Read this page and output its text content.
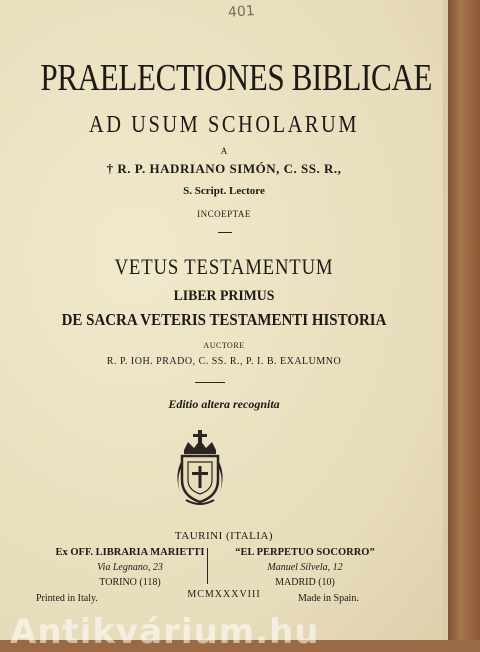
401
PRAELECTIONES BIBLICAE
AD USUM SCHOLARUM
A
† R. P. HADRIANO SIMÓN, C. SS. R.,
S. Script. Lectore
INCOEPTAE
VETUS TESTAMENTUM
LIBER PRIMUS
DE SACRA VETERIS TESTAMENTI HISTORIA
AUCTORE
R. P. IOH. PRADO, C. SS. R., P. I. B. EXALUMNO
Editio altera recognita
TAURINI (ITALIA)
Ex OFF. LIBRARIA MARIETTI
Via Legnano, 23
TORINO (118)
“EL PERPETUO SOCORRO”
Manuel Silvela, 12
MADRID (10)
MCMXXXVIII
Printed in Italy.	Made in Spain.
Antikvárium.hu
